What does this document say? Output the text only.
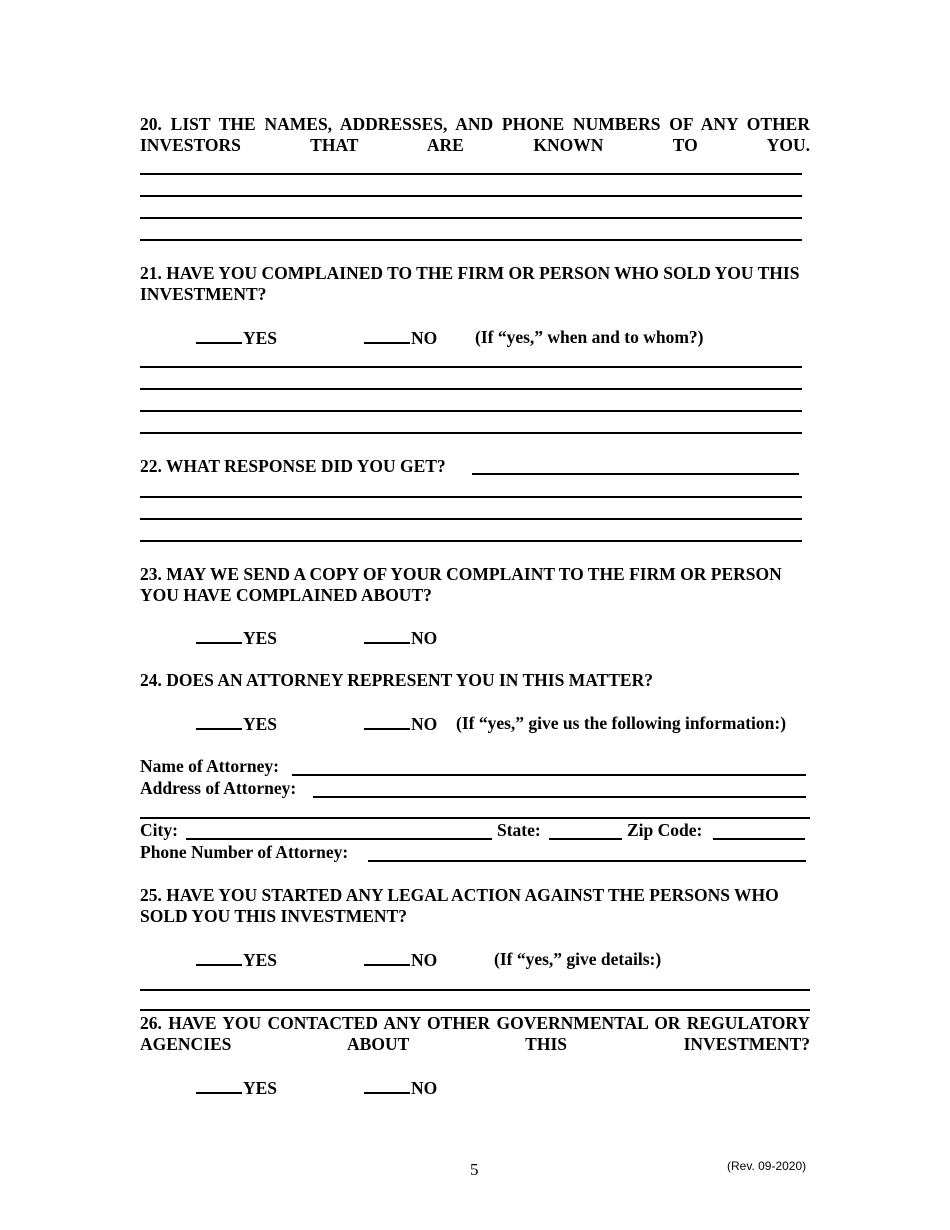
20. LIST THE NAMES, ADDRESSES, AND PHONE NUMBERS OF ANY OTHER INVESTORS THAT ARE KNOWN TO YOU.
21. HAVE YOU COMPLAINED TO THE FIRM OR PERSON WHO SOLD YOU THIS INVESTMENT?
YES	NO (If “yes,” when and to whom?)
22. WHAT RESPONSE DID YOU GET?
23. MAY WE SEND A COPY OF YOUR COMPLAINT TO THE FIRM OR PERSON YOU HAVE COMPLAINED ABOUT?
YES	NO
24. DOES AN ATTORNEY REPRESENT YOU IN THIS MATTER?
YES	NO (If “yes,” give us the following information:)
Name of Attorney:
Address of Attorney:
City:	State:	Zip Code:
Phone Number of Attorney:
25. HAVE YOU STARTED ANY LEGAL ACTION AGAINST THE PERSONS WHO SOLD YOU THIS INVESTMENT?
YES	NO	(If “yes,” give details:)
26. HAVE YOU CONTACTED ANY OTHER GOVERNMENTAL OR REGULATORY AGENCIES ABOUT THIS INVESTMENT?
YES	NO
5	(Rev. 09-2020)
